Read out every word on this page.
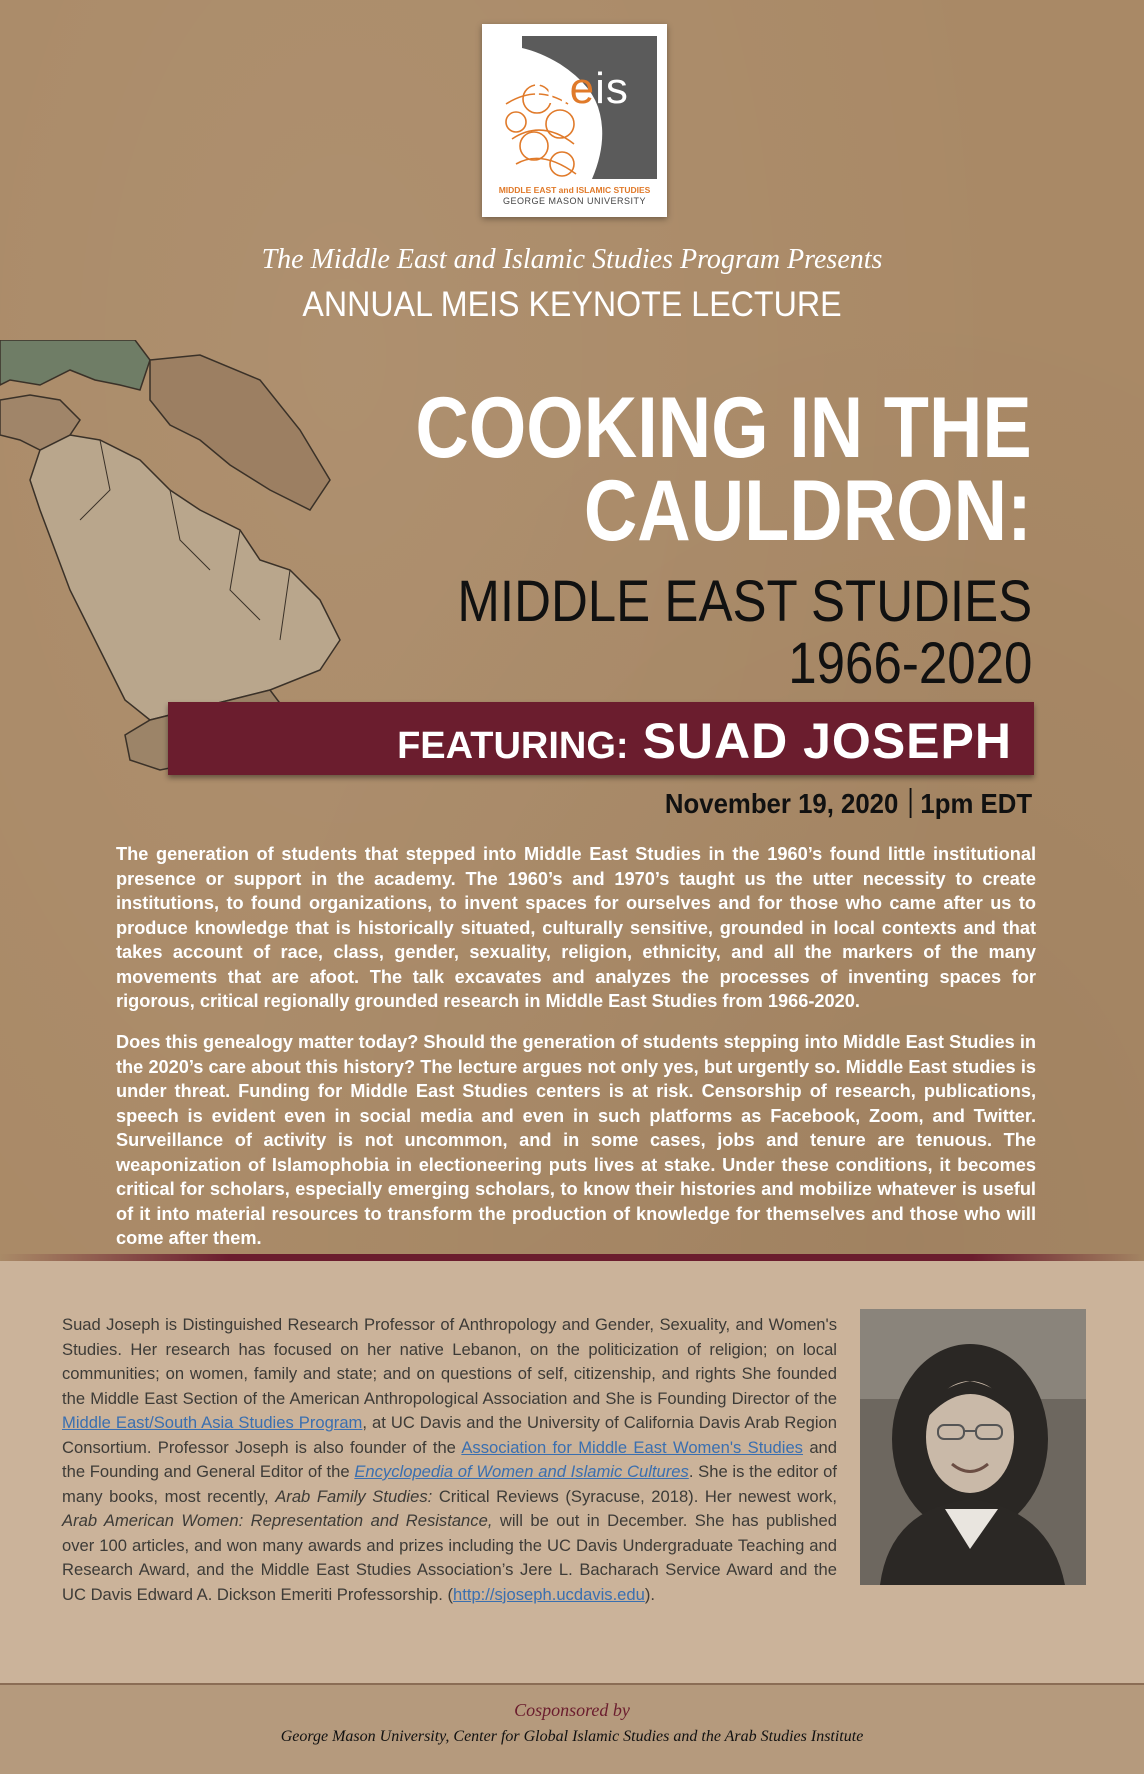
meis
MIDDLE EAST and ISLAMIC STUDIES
GEORGE MASON UNIVERSITY
The Middle East and Islamic Studies Program Presents
ANNUAL MEIS KEYNOTE LECTURE
COOKING IN THE
CAULDRON:
MIDDLE EAST STUDIES
1966-2020
FEATURING: SUAD JOSEPH
November 19, 2020 1pm EDT
The generation of students that stepped into Middle East Studies in the 1960’s found little institutional presence or support in the academy. The 1960’s and 1970’s taught us the utter necessity to create institutions, to found organizations, to invent spaces for ourselves and for those who came after us to produce knowledge that is historically situated, culturally sensitive, grounded in local contexts and that takes account of race, class, gender, sexuality, religion, ethnicity, and all the markers of the many movements that are afoot. The talk excavates and analyzes the processes of inventing spaces for rigorous, critical regionally grounded research in Middle East Studies from 1966-2020.
Does this genealogy matter today? Should the generation of students stepping into Middle East Studies in the 2020’s care about this history? The lecture argues not only yes, but urgently so. Middle East studies is under threat. Funding for Middle East Studies centers is at risk. Censorship of research, publications, speech is evident even in social media and even in such platforms as Facebook, Zoom, and Twitter. Surveillance of activity is not uncommon, and in some cases, jobs and tenure are tenuous. The weaponization of Islamophobia in electioneering puts lives at stake. Under these conditions, it becomes critical for scholars, especially emerging scholars, to know their histories and mobilize whatever is useful of it into material resources to transform the production of knowledge for themselves and those who will come after them.
Suad Joseph is Distinguished Research Professor of Anthropology and Gender, Sexuality, and Women's Studies. Her research has focused on her native Lebanon, on the politicization of religion; on local communities; on women, family and state; and on questions of self, citizenship, and rights She founded the Middle East Section of the American Anthropological Association and She is Founding Director of the Middle East/South Asia Studies Program, at UC Davis and the University of California Davis Arab Region Consortium. Professor Joseph is also founder of the Association for Middle East Women's Studies and the Founding and General Editor of the Encyclopedia of Women and Islamic Cultures. She is the editor of many books, most recently, Arab Family Studies: Critical Reviews (Syracuse, 2018). Her newest work, Arab American Women: Representation and Resistance, will be out in December. She has published over 100 articles, and won many awards and prizes including the UC Davis Undergraduate Teaching and Research Award, and the Middle East Studies Association’s Jere L. Bacharach Service Award and the UC Davis Edward A. Dickson Emeriti Professorship. (http://sjoseph.ucdavis.edu).
Cosponsored by
George Mason University, Center for Global Islamic Studies and the Arab Studies Institute
